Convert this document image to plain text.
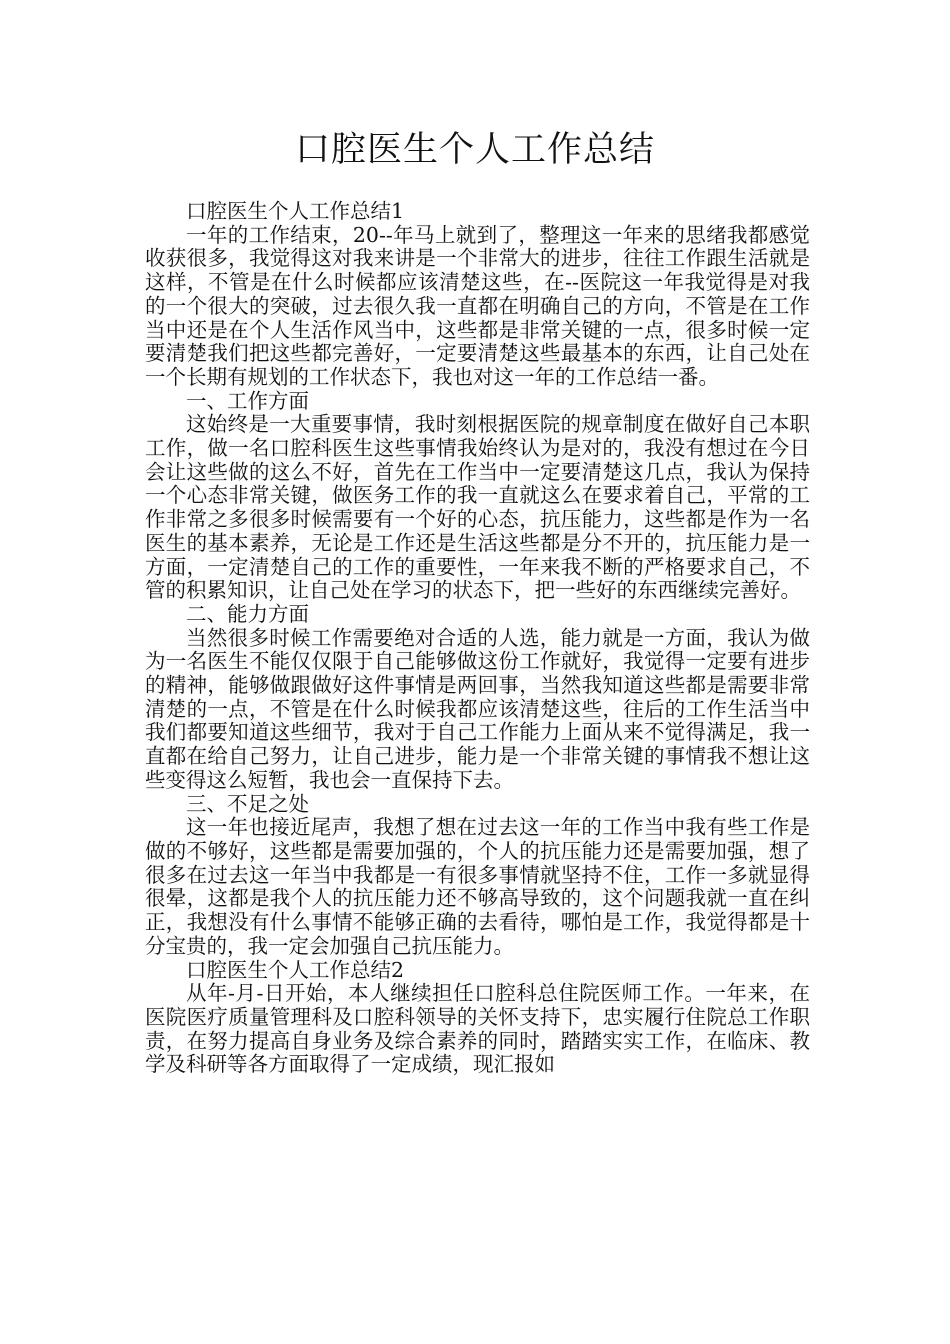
口腔医生个人工作总结

口腔医生个人工作总结1

一年的工作结束，20--年马上就到了，整理这一年来的思绪我都感觉收获很多，我觉得这对我来讲是一个非常大的进步，往往工作跟生活就是这样，不管是在什么时候都应该清楚这些，在--医院这一年我觉得是对我的一个很大的突破，过去很久我一直都在明确自己的方向，不管是在工作当中还是在个人生活作风当中，这些都是非常关键的一点，很多时候一定要清楚我们把这些都完善好，一定要清楚这些最基本的东西，让自己处在一个长期有规划的工作状态下，我也对这一年的工作总结一番。

一、工作方面

这始终是一大重要事情，我时刻根据医院的规章制度在做好自己本职工作，做一名口腔科医生这些事情我始终认为是对的，我没有想过在今日会让这些做的这么不好，首先在工作当中一定要清楚这几点，我认为保持一个心态非常关键，做医务工作的我一直就这么在要求着自己，平常的工作非常之多很多时候需要有一个好的心态，抗压能力，这些都是作为一名医生的基本素养，无论是工作还是生活这些都是分不开的，抗压能力是一方面，一定清楚自己的工作的重要性，一年来我不断的严格要求自己，不管的积累知识，让自己处在学习的状态下，把一些好的东西继续完善好。

二、能力方面

当然很多时候工作需要绝对合适的人选，能力就是一方面，我认为做为一名医生不能仅仅限于自己能够做这份工作就好，我觉得一定要有进步的精神，能够做跟做好这件事情是两回事，当然我知道这些都是需要非常清楚的一点，不管是在什么时候我都应该清楚这些，往后的工作生活当中我们都要知道这些细节，我对于自己工作能力上面从来不觉得满足，我一直都在给自己努力，让自己进步，能力是一个非常关键的事情我不想让这些变得这么短暂，我也会一直保持下去。

三、不足之处

这一年也接近尾声，我想了想在过去这一年的工作当中我有些工作是做的不够好，这些都是需要加强的，个人的抗压能力还是需要加强，想了很多在过去这一年当中我都是一有很多事情就坚持不住，工作一多就显得很晕，这都是我个人的抗压能力还不够高导致的，这个问题我就一直在纠正，我想没有什么事情不能够正确的去看待，哪怕是工作，我觉得都是十分宝贵的，我一定会加强自己抗压能力。

口腔医生个人工作总结2

从年-月-日开始，本人继续担任口腔科总住院医师工作。一年来，在医院医疗质量管理科及口腔科领导的关怀支持下，忠实履行住院总工作职责，在努力提高自身业务及综合素养的同时，踏踏实实工作，在临床、教学及科研等各方面取得了一定成绩，现汇报如
